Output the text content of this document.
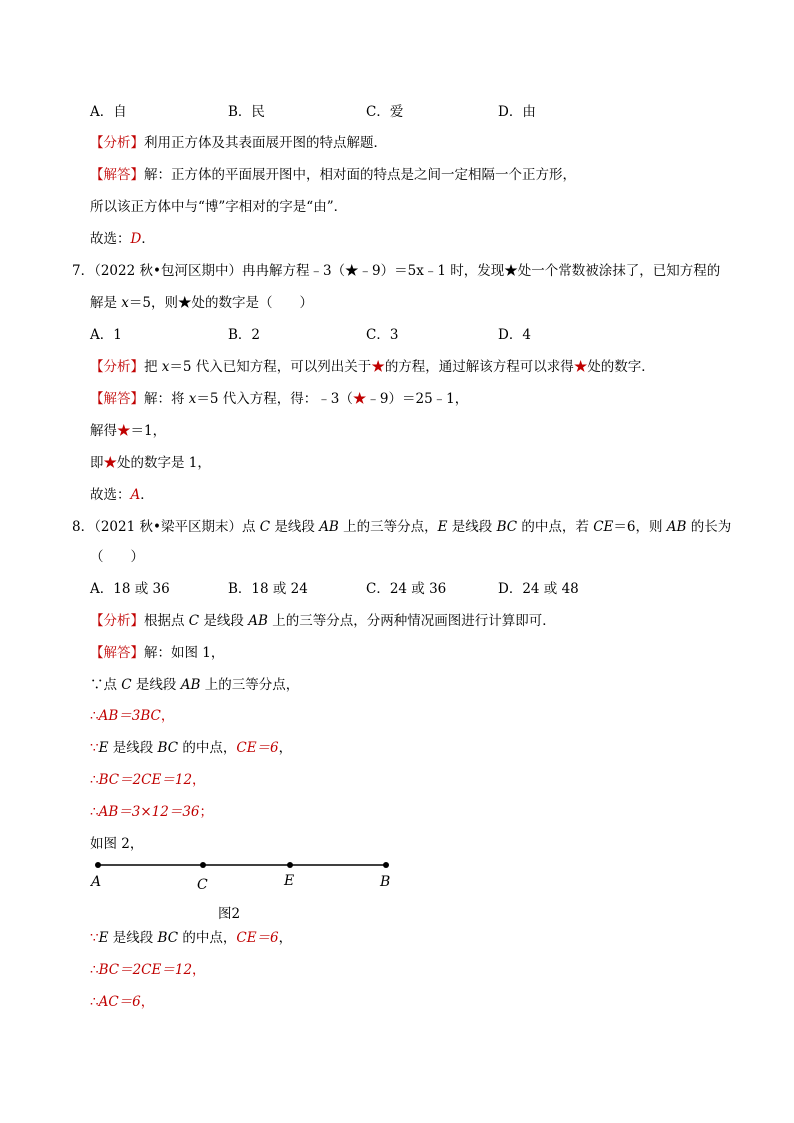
A．自	B．民	C．爱	D．由
【分析】利用正方体及其表面展开图的特点解题．
【解答】解：正方体的平面展开图中，相对面的特点是之间一定相隔一个正方形，
所以该正方体中与“博”字相对的字是“由”．
故选：D．
7．（2022 秋•包河区期中）冉冉解方程﹣3（★﹣9）＝5x﹣1 时，发现★处一个常数被涂抹了，已知方程的
解是 x＝5，则★处的数字是（　　）
A．1	B．2	C．3	D．4
【分析】把 x＝5 代入已知方程，可以列出关于★的方程，通过解该方程可以求得★处的数字．
【解答】解：将 x＝5 代入方程，得：﹣3（★﹣9）＝25﹣1，
解得★＝1，
即★处的数字是 1，
故选：A．
8．（2021 秋•梁平区期末）点 C 是线段 AB 上的三等分点，E 是线段 BC 的中点，若 CE＝6，则 AB 的长为
（　　）
A．18 或 36	B．18 或 24	C．24 或 36	D．24 或 48
【分析】根据点 C 是线段 AB 上的三等分点，分两种情况画图进行计算即可．
【解答】解：如图 1，
∵点 C 是线段 AB 上的三等分点，
∴AB＝3BC，
∵E 是线段 BC 的中点，CE＝6，
∴BC＝2CE＝12，
∴AB＝3×12＝36；
如图 2，
A	C	E	B
图2
∵E 是线段 BC 的中点，CE＝6，
∴BC＝2CE＝12，
∴AC＝6，
